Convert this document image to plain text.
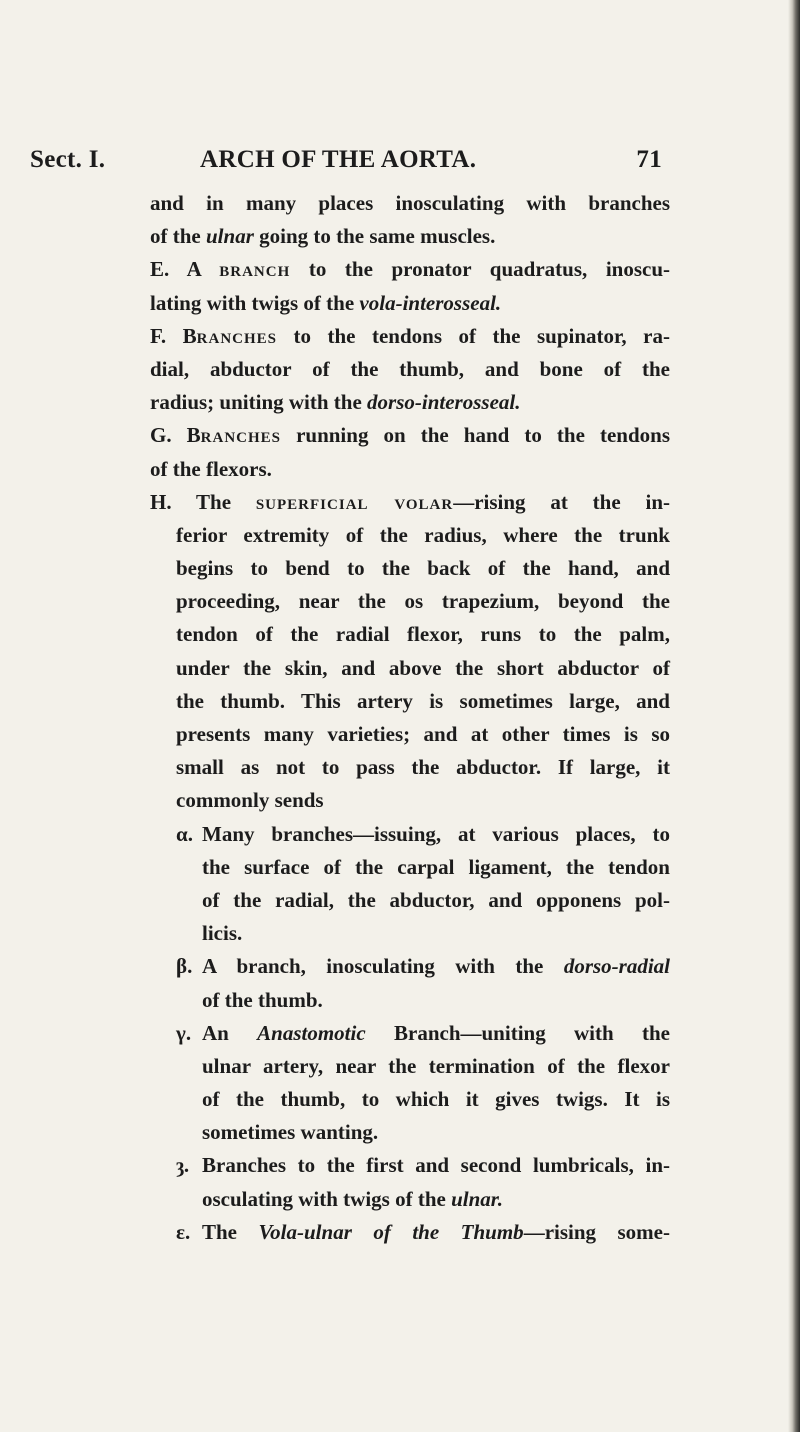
Sect. I.	ARCH OF THE AORTA.	71
and in many places inosculating with branches
of the ulnar going to the same muscles.
E. A branch to the pronator quadratus, inoscu-
lating with twigs of the vola-interosseal.
F. Branches to the tendons of the supinator, ra-
dial, abductor of the thumb, and bone of the
radius; uniting with the dorso-interosseal.
G. Branches running on the hand to the tendons
of the flexors.
H. The superficial volar—rising at the in-
ferior extremity of the radius, where the trunk
begins to bend to the back of the hand, and
proceeding, near the os trapezium, beyond the
tendon of the radial flexor, runs to the palm,
under the skin, and above the short abductor of
the thumb. This artery is sometimes large, and
presents many varieties; and at other times is so
small as not to pass the abductor. If large, it
commonly sends
α. Many branches—issuing, at various places, to
the surface of the carpal ligament, the tendon
of the radial, the abductor, and opponens pol-
licis.
β. A branch, inosculating with the dorso-radial
of the thumb.
γ. An Anastomotic Branch—uniting with the
ulnar artery, near the termination of the flexor
of the thumb, to which it gives twigs. It is
sometimes wanting.
ȝ. Branches to the first and second lumbricals, in-
osculating with twigs of the ulnar.
ε. The Vola-ulnar of the Thumb—rising some-
